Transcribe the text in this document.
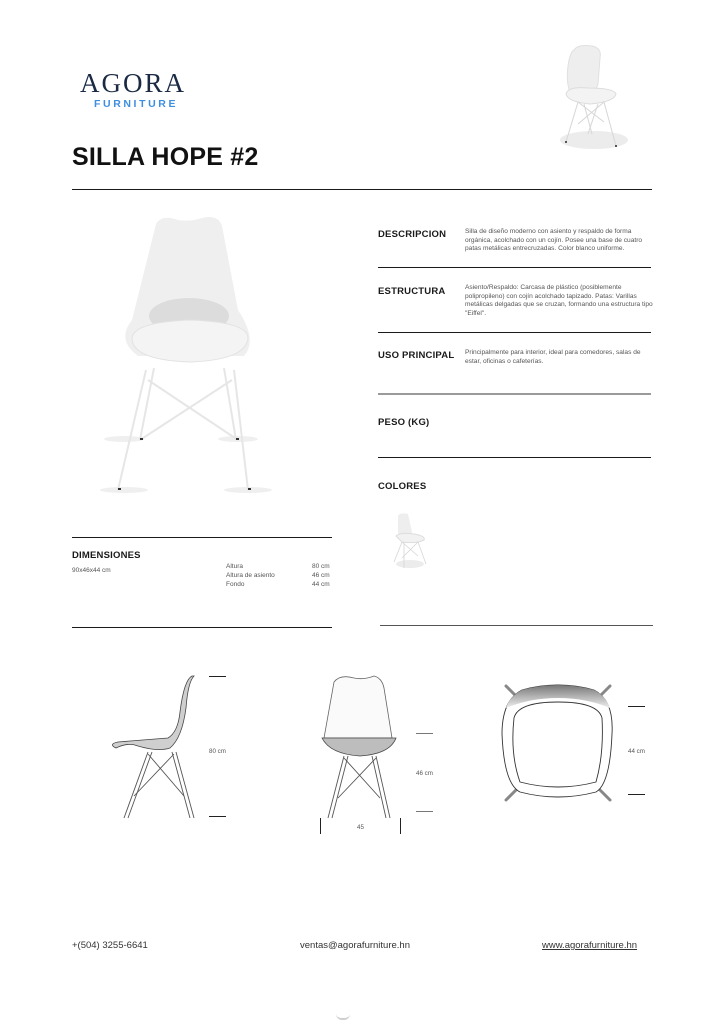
AGORA
FURNITURE
SILLA HOPE #2
DESCRIPCION	Silla de diseño moderno con asiento y respaldo de forma orgánica, acolchado con un cojín. Posee una base de cuatro patas metálicas entrecruzadas. Color blanco uniforme.
ESTRUCTURA	Asiento/Respaldo: Carcasa de plástico (posiblemente polipropileno) con cojín acolchado tapizado. Patas: Varillas metálicas delgadas que se cruzan, formando una estructura tipo "Eiffel".
USO PRINCIPAL Principalmente para interior, ideal para comedores, salas de estar, oficinas o cafeterías.
PESO (KG)
COLORES
DIMENSIONES
90x46x44 cm
Altura	80 cm
Altura de asiento	46 cm
Fondo	44 cm
80 cm
46 cm
45
44 cm
+(504) 3255-6641	ventas@agorafurniture.hn	www.agorafurniture.hn
